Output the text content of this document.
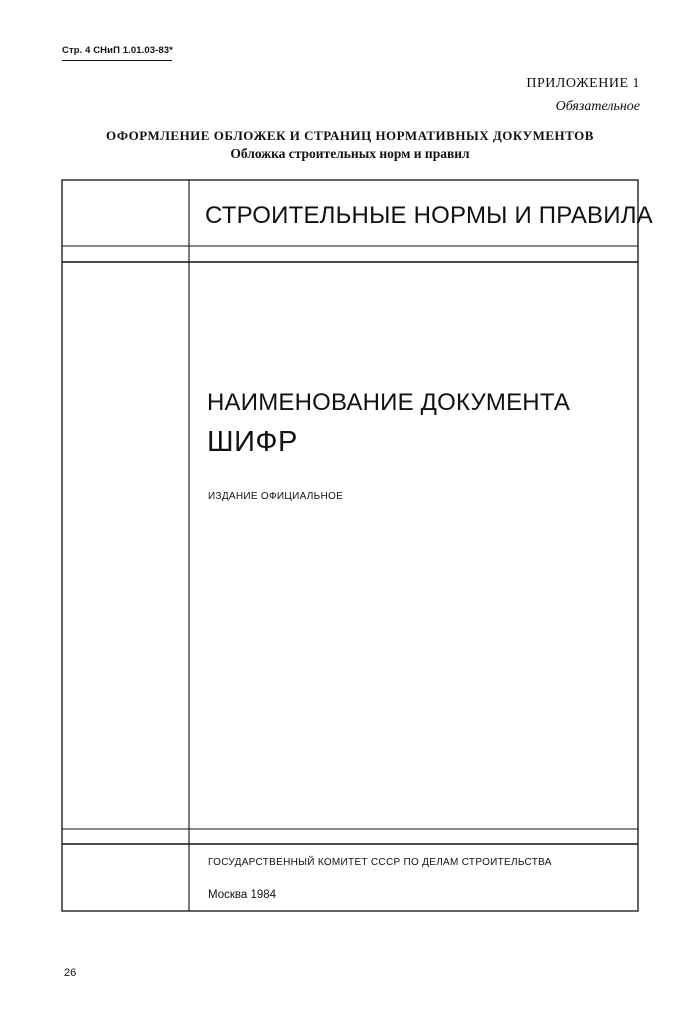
Стр. 4 СНиП 1.01.03-83*
ПРИЛОЖЕНИЕ 1
Обязательное
ОФОРМЛЕНИЕ ОБЛОЖЕК И СТРАНИЦ НОРМАТИВНЫХ ДОКУМЕНТОВ
Обложка строительных норм и правил
СТРОИТЕЛЬНЫЕ НОРМЫ И ПРАВИЛА
НАИМЕНОВАНИЕ ДОКУМЕНТА
ШИФР
ИЗДАНИЕ ОФИЦИАЛЬНОЕ
ГОСУДАРСТВЕННЫЙ КОМИТЕТ СССР ПО ДЕЛАМ СТРОИТЕЛЬСТВА
Москва 1984
26
